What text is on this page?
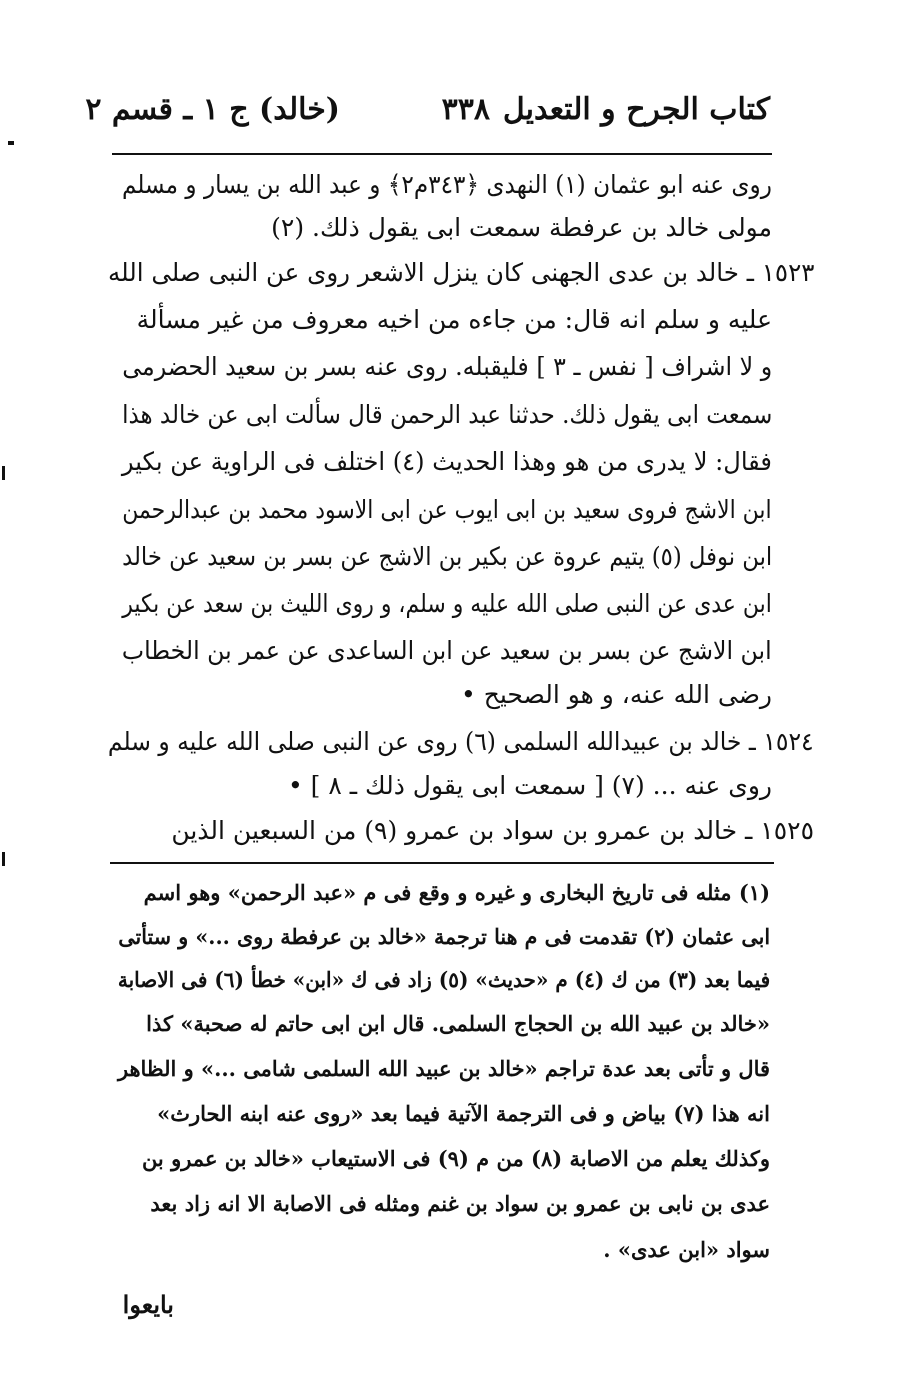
كتاب الجرح و التعديل
٣٣٨
(خالد) ج ١ ـ قسم ٢
روى عنه ابو عثمان (١) النهدى ﴿٣٤٣م٢﴾ و عبد الله بن يسار و مسلم
مولى خالد بن عرفطة سمعت ابى يقول ذلك. (٢)
١٥٢٣ ـ خالد بن عدى الجهنى كان ينزل الاشعر روى عن النبى صلى الله
عليه و سلم انه قال: من جاءه من اخيه معروف من غير مسألة
و لا اشراف [ نفس ـ ٣ ] فليقبله. روى عنه بسر بن سعيد الحضرمى
سمعت ابى يقول ذلك. حدثنا عبد الرحمن قال سألت ابى عن خالد هذا
فقال: لا يدرى من هو وهذا الحديث (٤) اختلف فى الراوية عن بكير
ابن الاشج فروى سعيد بن ابى ايوب عن ابى الاسود محمد بن عبدالرحمن
ابن نوفل (٥) يتيم عروة عن بكير بن الاشج عن بسر بن سعيد عن خالد
ابن عدى عن النبى صلى الله عليه و سلم، و روى الليث بن سعد عن بكير
ابن الاشج عن بسر بن سعيد عن ابن الساعدى عن عمر بن الخطاب
رضى الله عنه، و هو الصحيح •
١٥٢٤ ـ خالد بن عبيدالله السلمى (٦) روى عن النبى صلى الله عليه و سلم
روى عنه ... (٧) [ سمعت ابى يقول ذلك ـ ٨ ] •
١٥٢٥ ـ خالد بن عمرو بن سواد بن عمرو (٩) من السبعين الذين
(١) مثله فى تاريخ البخارى و غيره و وقع فى م «عبد الرحمن» وهو اسم
ابى عثمان (٢) تقدمت فى م هنا ترجمة «خالد بن عرفطة روى ...» و ستأتى
فيما بعد (٣) من ك (٤) م «حديث» (٥) زاد فى ك «ابن» خطأ (٦) فى الاصابة
«خالد بن عبيد الله بن الحجاج السلمى. قال ابن ابى حاتم له صحبة» كذا
قال و تأتى بعد عدة تراجم «خالد بن عبيد الله السلمى شامى ...» و الظاهر
انه هذا (٧) بياض و فى الترجمة الآتية فيما بعد «روى عنه ابنه الحارث»
وكذلك يعلم من الاصابة (٨) من م (٩) فى الاستيعاب «خالد بن عمرو بن
عدى بن نابى بن عمرو بن سواد بن غنم ومثله فى الاصابة الا انه زاد بعد
سواد «ابن عدى» .
بايعوا
